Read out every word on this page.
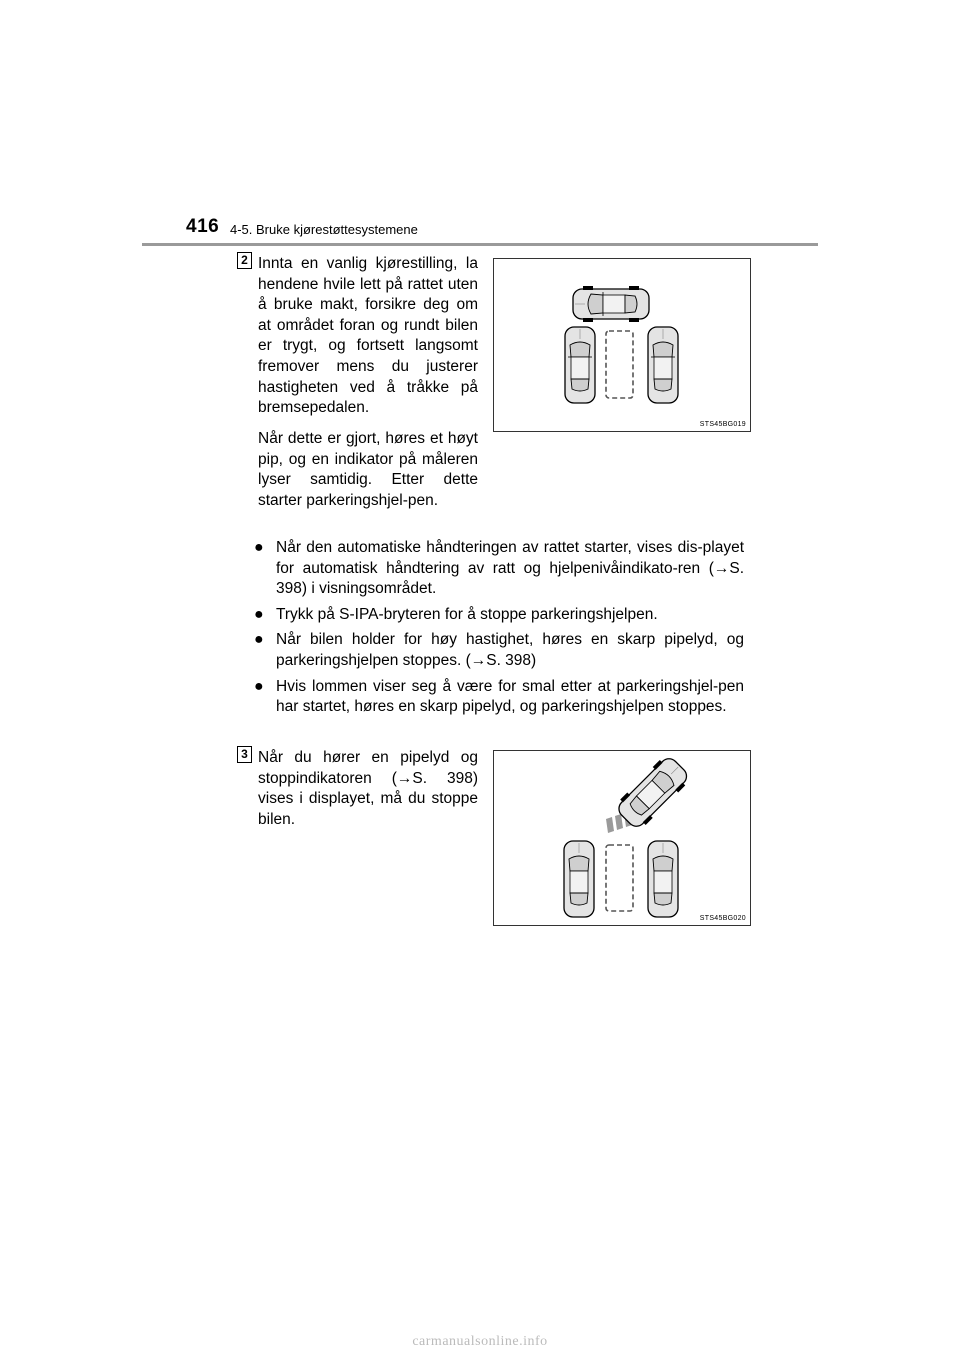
416 4-5. Bruke kjørestøttesystemene
2 Innta en vanlig kjørestilling, la hendene hvile lett på rattet uten å bruke makt, forsikre deg om at området foran og rundt bilen er trygt, og fortsett langsomt fremover mens du justerer hastigheten ved å tråkke på bremsepedalen.
Når dette er gjort, høres et høyt pip, og en indikator på måleren lyser samtidig. Etter dette starter parkeringshjel-pen.
STS45BG019
● Når den automatiske håndteringen av rattet starter, vises dis-playet for automatisk håndtering av ratt og hjelpenivåindikato-ren (→S. 398) i visningsområdet.
● Trykk på S-IPA-bryteren for å stoppe parkeringshjelpen.
● Når bilen holder for høy hastighet, høres en skarp pipelyd, og parkeringshjelpen stoppes. (→S. 398)
● Hvis lommen viser seg å være for smal etter at parkeringshjel-pen har startet, høres en skarp pipelyd, og parkeringshjelpen stoppes.
3 Når du hører en pipelyd og stoppindikatoren (→S. 398) vises i displayet, må du stoppe bilen.
STS45BG020
carmanualsonline.info
